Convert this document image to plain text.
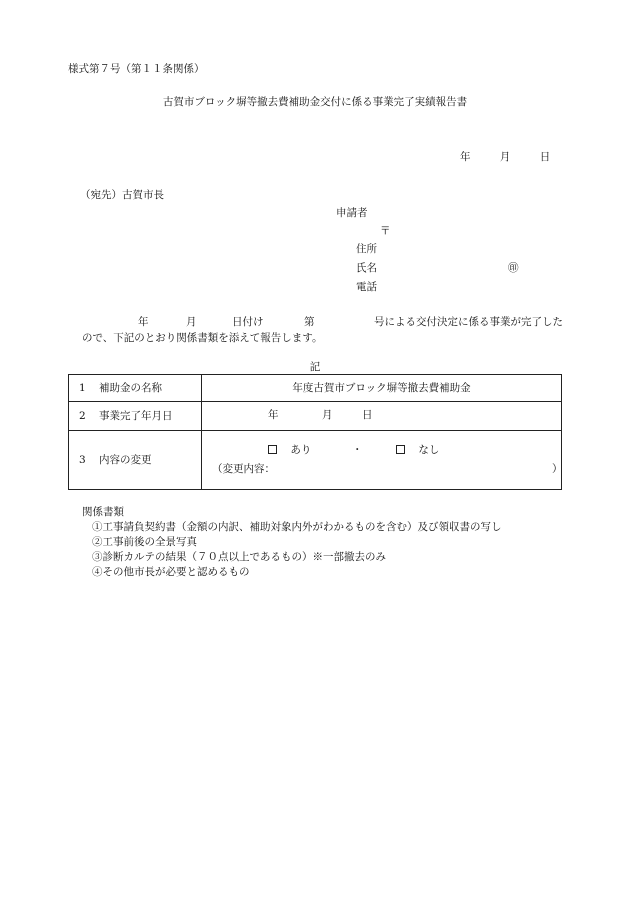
様式第７号（第１１条関係）
古賀市ブロック塀等撤去費補助金交付に係る事業完了実績報告書
年	月	日
（宛先）古賀市長
申請者
〒
住所
氏名	㊞
電話
年	月	日付け	第	号による交付決定に係る事業が完了した
ので、下記のとおり関係書類を添えて報告します。
記
1 補助金の名称	年度古賀市ブロック塀等撤去費補助金
2 事業完了年月日	年 月 日

3 内容の変更	あり ・ なし
（変更内容： ）
関係書類
①工事請負契約書（金額の内訳、補助対象内外がわかるものを含む）及び領収書の写し
②工事前後の全景写真
③診断カルテの結果（７０点以上であるもの）※一部撤去のみ
④その他市長が必要と認めるもの
